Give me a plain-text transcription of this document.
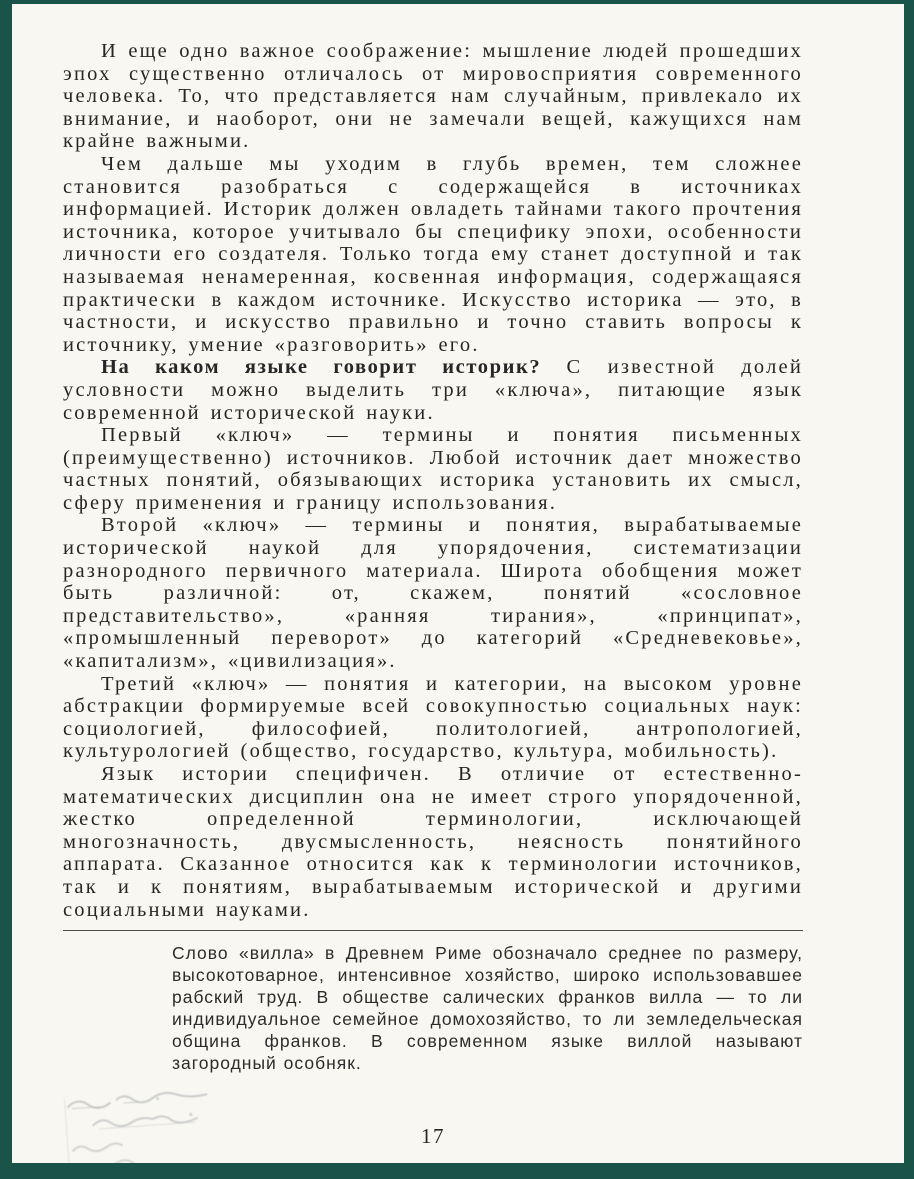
И еще одно важное соображение: мышление людей прошедших эпох существенно отличалось от мировосприятия современного человека. То, что представляется нам случайным, привлекало их внимание, и наоборот, они не замечали вещей, кажущихся нам крайне важными.

Чем дальше мы уходим в глубь времен, тем сложнее становится разобраться с содержащейся в источниках информацией. Историк должен овладеть тайнами такого прочтения источника, которое учитывало бы специфику эпохи, особенности личности его создателя. Только тогда ему станет доступной и так называемая ненамеренная, косвенная информация, содержащаяся практически в каждом источнике. Искусство историка — это, в частности, и искусство правильно и точно ставить вопросы к источнику, умение «разговорить» его.

На каком языке говорит историк? С известной долей условности можно выделить три «ключа», питающие язык современной исторической науки.

Первый «ключ» — термины и понятия письменных (преимущественно) источников. Любой источник дает множество частных понятий, обязывающих историка установить их смысл, сферу применения и границу использования.

Второй «ключ» — термины и понятия, вырабатываемые исторической наукой для упорядочения, систематизации разнородного первичного материала. Широта обобщения может быть различной: от, скажем, понятий «сословное представительство», «ранняя тирания», «принципат», «промышленный переворот» до категорий «Средневековье», «капитализм», «цивилизация».

Третий «ключ» — понятия и категории, на высоком уровне абстракции формируемые всей совокупностью социальных наук: социологией, философией, политологией, антропологией, культурологией (общество, государство, культура, мобильность).

Язык истории специфичен. В отличие от естественно-математических дисциплин она не имеет строго упорядоченной, жестко определенной терминологии, исключающей многозначность, двусмысленность, неясность понятийного аппарата. Сказанное относится как к терминологии источников, так и к понятиям, вырабатываемым исторической и другими социальными науками.

Слово «вилла» в Древнем Риме обозначало среднее по размеру, высокотоварное, интенсивное хозяйство, широко использовавшее рабский труд. В обществе салических франков вилла — то ли индивидуальное семейное домохозяйство, то ли земледельческая община франков. В современном языке виллой называют загородный особняк.

17
